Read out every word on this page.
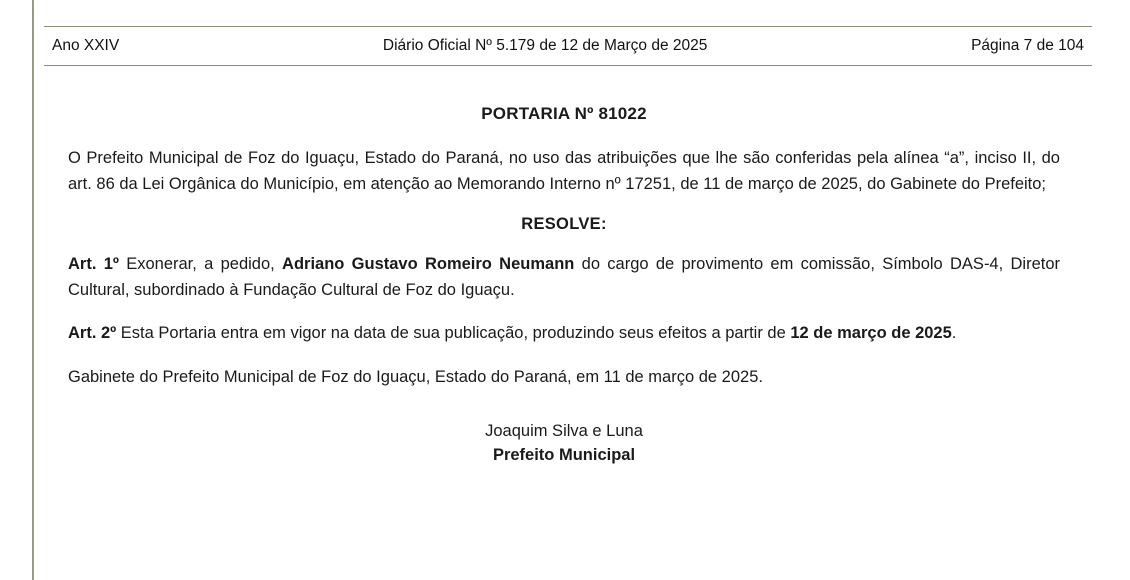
Ano XXIV	Diário Oficial Nº 5.179 de 12 de Março de 2025	Página 7 de 104
PORTARIA Nº 81022

O Prefeito Municipal de Foz do Iguaçu, Estado do Paraná, no uso das atribuições que lhe são conferidas pela alínea “a”, inciso II, do art. 86 da Lei Orgânica do Município, em atenção ao Memorando Interno nº 17251, de 11 de março de 2025, do Gabinete do Prefeito;

RESOLVE:

Art. 1º Exonerar, a pedido, Adriano Gustavo Romeiro Neumann do cargo de provimento em comissão, Símbolo DAS-4, Diretor Cultural, subordinado à Fundação Cultural de Foz do Iguaçu.

Art. 2º Esta Portaria entra em vigor na data de sua publicação, produzindo seus efeitos a partir de 12 de março de 2025.

Gabinete do Prefeito Municipal de Foz do Iguaçu, Estado do Paraná, em 11 de março de 2025.

Joaquim Silva e Luna
Prefeito Municipal
